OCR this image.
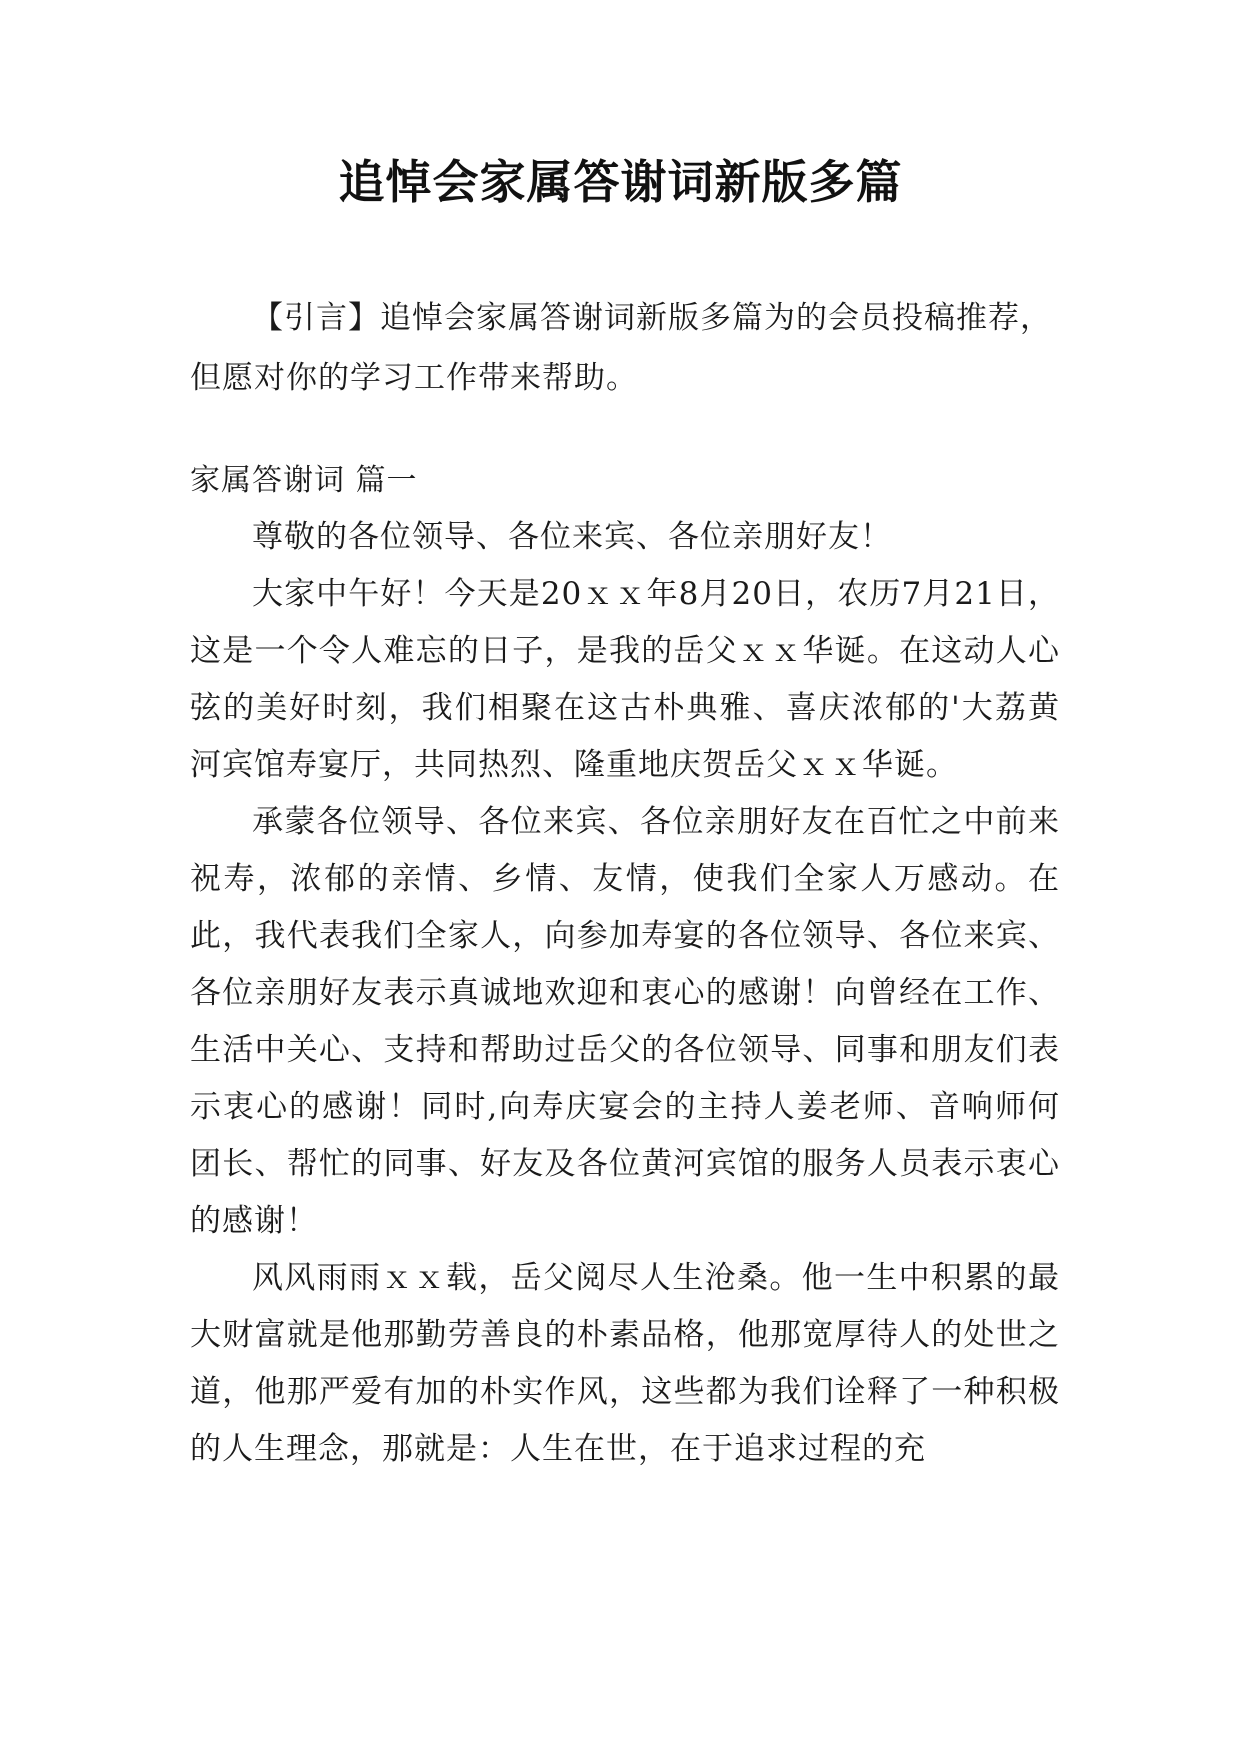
追悼会家属答谢词新版多篇

【引言】追悼会家属答谢词新版多篇为的会员投稿推荐，但愿对你的学习工作带来帮助。

家属答谢词 篇一

尊敬的各位领导、各位来宾、各位亲朋好友！

大家中午好！今天是20ｘｘ年8月20日，农历7月21日，这是一个令人难忘的日子，是我的岳父ｘｘ华诞。在这动人心弦的美好时刻，我们相聚在这古朴典雅、喜庆浓郁的'大荔黄河宾馆寿宴厅，共同热烈、隆重地庆贺岳父ｘｘ华诞。

承蒙各位领导、各位来宾、各位亲朋好友在百忙之中前来祝寿，浓郁的亲情、乡情、友情，使我们全家人万感动。在此，我代表我们全家人，向参加寿宴的各位领导、各位来宾、各位亲朋好友表示真诚地欢迎和衷心的感谢！向曾经在工作、生活中关心、支持和帮助过岳父的各位领导、同事和朋友们表示衷心的感谢！同时,向寿庆宴会的主持人姜老师、音响师何团长、帮忙的同事、好友及各位黄河宾馆的服务人员表示衷心的感谢！

风风雨雨ｘｘ载，岳父阅尽人生沧桑。他一生中积累的最大财富就是他那勤劳善良的朴素品格，他那宽厚待人的处世之道，他那严爱有加的朴实作风，这些都为我们诠释了一种积极的人生理念，那就是：人生在世，在于追求过程的充
